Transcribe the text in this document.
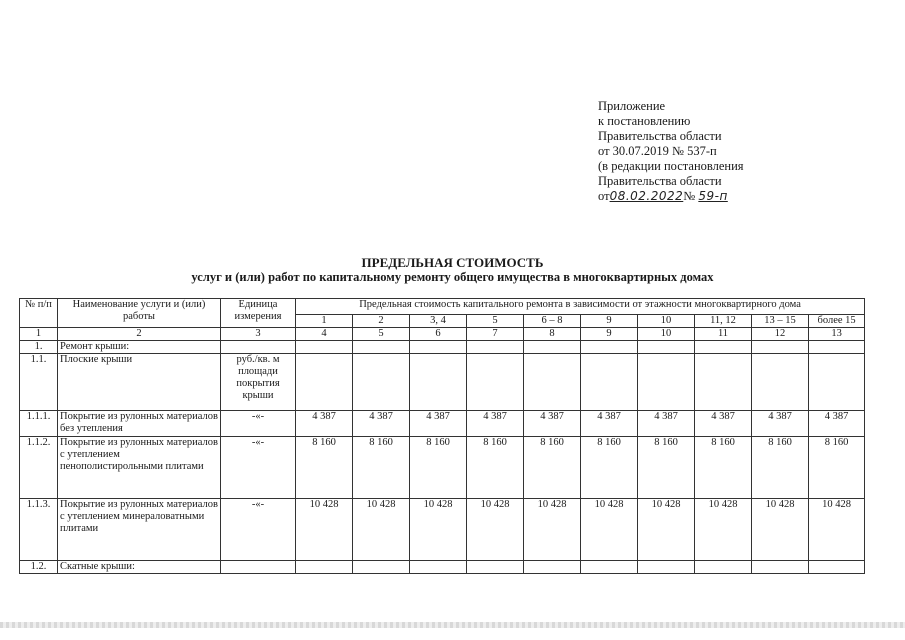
Приложение
к постановлению
Правительства области
от 30.07.2019 № 537-п
(в редакции постановления
Правительства области
от08.02.2022№ 59-п
ПРЕДЕЛЬНАЯ СТОИМОСТЬ
услуг и (или) работ по капитальному ремонту общего имущества в многоквартирных домах
№ п/п	Наименование услуги и (или) работы	Единица измерения	Предельная стоимость капитального ремонта в зависимости от этажности многоквартирного дома									
			1	2	3, 4	5	6 – 8	9	10	11, 12	13 – 15	более 15
1	2	3	4	5	6	7	8	9	10	11	12	13
1.	Ремонт крыши:											
1.1.	Плоские крыши	руб./кв. м площади покрытия крыши										
1.1.1.	Покрытие из рулонных материалов без утепления	-«-	4 387	4 387	4 387	4 387	4 387	4 387	4 387	4 387	4 387	4 387
1.1.2.	Покрытие из рулонных материалов с утеплением пенополистирольными плитами	-«-	8 160	8 160	8 160	8 160	8 160	8 160	8 160	8 160	8 160	8 160
1.1.3.	Покрытие из рулонных материалов с утеплением минераловатными плитами	-«-	10 428	10 428	10 428	10 428	10 428	10 428	10 428	10 428	10 428	10 428
1.2.	Скатные крыши:											
